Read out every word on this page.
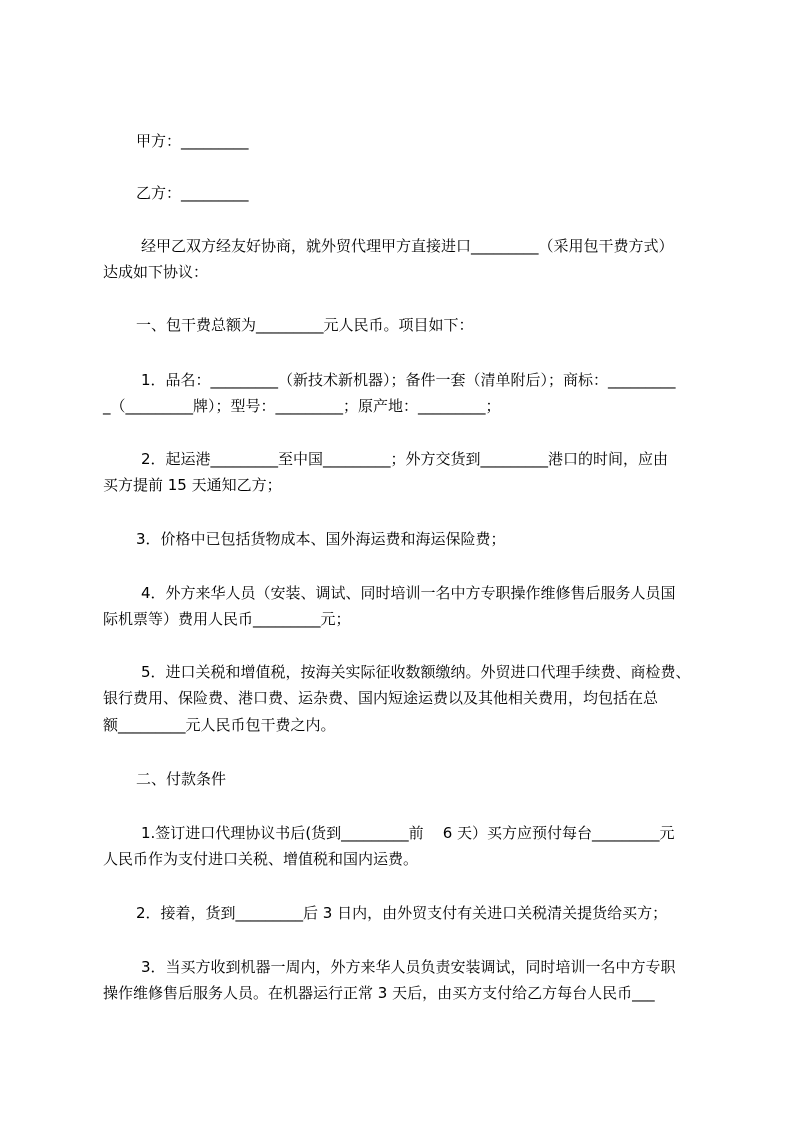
甲方：_________
乙方：_________
经甲乙双方经友好协商，就外贸代理甲方直接进口_________（采用包干费方式）
达成如下协议：
一、包干费总额为_________元人民币。项目如下：
1．品名：_________（新技术新机器）；备件一套（清单附后）；商标：_________
_（_________牌）；型号：_________；原产地：_________；
2．起运港_________至中国_________；外方交货到_________港口的时间，应由
买方提前 15 天通知乙方；
3．价格中已包括货物成本、国外海运费和海运保险费；
4．外方来华人员（安装、调试、同时培训一名中方专职操作维修售后服务人员国
际机票等）费用人民币_________元；
5．进口关税和增值税，按海关实际征收数额缴纳。外贸进口代理手续费、商检费、
银行费用、保险费、港口费、运杂费、国内短途运费以及其他相关费用，均包括在总
额_________元人民币包干费之内。
二、付款条件
1.签订进口代理协议书后(货到_________前    6 天）买方应预付每台_________元
人民币作为支付进口关税、增值税和国内运费。
2．接着，货到_________后 3 日内，由外贸支付有关进口关税清关提货给买方；
3．当买方收到机器一周内，外方来华人员负责安装调试，同时培训一名中方专职
操作维修售后服务人员。在机器运行正常 3 天后，由买方支付给乙方每台人民币___
